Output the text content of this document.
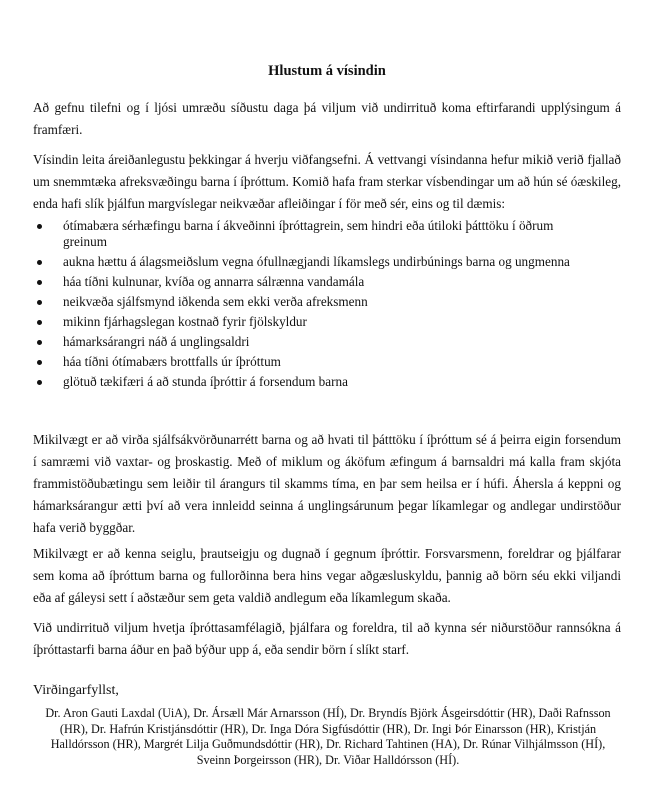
Hlustum á vísindin
Að gefnu tilefni og í ljósi umræðu síðustu daga þá viljum við undirrituð koma eftirfarandi upplýsingum á framfæri.
Vísindin leita áreiðanlegustu þekkingar á hverju viðfangsefni. Á vettvangi vísindanna hefur mikið verið fjallað um snemmtæka afreksvæðingu barna í íþróttum. Komið hafa fram sterkar vísbendingar um að hún sé óæskileg, enda hafi slík þjálfun margvíslegar neikvæðar afleiðingar í för með sér, eins og til dæmis:
ótímabæra sérhæfingu barna í ákveðinni íþróttagrein, sem hindri eða útiloki þátttöku í öðrum greinum
aukna hættu á álagsmeiðslum vegna ófullnægjandi líkamslegs undirbúnings barna og ungmenna
háa tíðni kulnunar, kvíða og annarra sálrænna vandamála
neikvæða sjálfsmynd iðkenda sem ekki verða afreksmenn
mikinn fjárhagslegan kostnað fyrir fjölskyldur
hámarksárangri náð á unglingsaldri
háa tíðni ótímabærs brottfalls úr íþróttum
glötuð tækifæri á að stunda íþróttir á forsendum barna
Mikilvægt er að virða sjálfsákvörðunarrétt barna og að hvati til þátttöku í íþróttum sé á þeirra eigin forsendum í samræmi við vaxtar- og þroskastig. Með of miklum og áköfum æfingum á barnsaldri má kalla fram skjóta frammistöðubætingu sem leiðir til árangurs til skamms tíma, en þar sem heilsa er í húfi. Áhersla á keppni og hámarksárangur ætti því að vera innleidd seinna á unglingsárunum þegar líkamlegar og andlegar undirstöður hafa verið byggðar.
Mikilvægt er að kenna seiglu, þrautseigju og dugnað í gegnum íþróttir. Forsvarsmenn, foreldrar og þjálfarar sem koma að íþróttum barna og fullorðinna bera hins vegar aðgæsluskyldu, þannig að börn séu ekki viljandi eða af gáleysi sett í aðstæður sem geta valdið andlegum eða líkamlegum skaða.
Við undirrituð viljum hvetja íþróttasamfélagið, þjálfara og foreldra, til að kynna sér niðurstöður rannsókna á íþróttastarfi barna áður en það býður upp á, eða sendir börn í slíkt starf.
Virðingarfyllst,
Dr. Aron Gauti Laxdal (UiA), Dr. Ársæll Már Arnarsson (HÍ), Dr. Bryndís Björk Ásgeirsdóttir (HR), Daði Rafnsson (HR), Dr. Hafrún Kristjánsdóttir (HR), Dr. Inga Dóra Sigfúsdóttir (HR), Dr. Ingi Þór Einarsson (HR), Kristján Halldórsson (HR), Margrét Lilja Guðmundsdóttir (HR), Dr. Richard Tahtinen (HA), Dr. Rúnar Vilhjálmsson (HÍ), Sveinn Þorgeirsson (HR), Dr. Viðar Halldórsson (HÍ).
